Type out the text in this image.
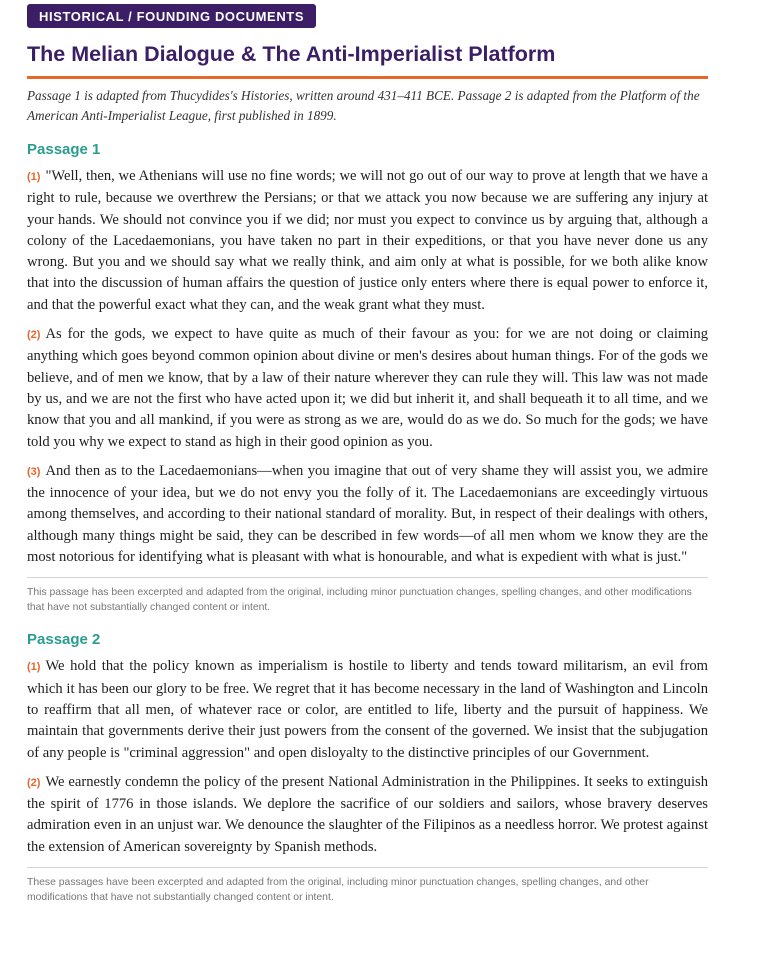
HISTORICAL / FOUNDING DOCUMENTS
The Melian Dialogue & The Anti-Imperialist Platform

Passage 1 is adapted from Thucydides's Histories, written around 431–411 BCE. Passage 2 is adapted from the Platform of the American Anti-Imperialist League, first published in 1899.

Passage 1

(1) "Well, then, we Athenians will use no fine words; we will not go out of our way to prove at length that we have a right to rule, because we overthrew the Persians; or that we attack you now because we are suffering any injury at your hands. We should not convince you if we did; nor must you expect to convince us by arguing that, although a colony of the Lacedaemonians, you have taken no part in their expeditions, or that you have never done us any wrong. But you and we should say what we really think, and aim only at what is possible, for we both alike know that into the discussion of human affairs the question of justice only enters where there is equal power to enforce it, and that the powerful exact what they can, and the weak grant what they must.

(2) As for the gods, we expect to have quite as much of their favour as you: for we are not doing or claiming anything which goes beyond common opinion about divine or men's desires about human things. For of the gods we believe, and of men we know, that by a law of their nature wherever they can rule they will. This law was not made by us, and we are not the first who have acted upon it; we did but inherit it, and shall bequeath it to all time, and we know that you and all mankind, if you were as strong as we are, would do as we do. So much for the gods; we have told you why we expect to stand as high in their good opinion as you.

(3) And then as to the Lacedaemonians—when you imagine that out of very shame they will assist you, we admire the innocence of your idea, but we do not envy you the folly of it. The Lacedaemonians are exceedingly virtuous among themselves, and according to their national standard of morality. But, in respect of their dealings with others, although many things might be said, they can be described in few words—of all men whom we know they are the most notorious for identifying what is pleasant with what is honourable, and what is expedient with what is just."

This passage has been excerpted and adapted from the original, including minor punctuation changes, spelling changes, and other modifications that have not substantially changed content or intent.

Passage 2

(1) We hold that the policy known as imperialism is hostile to liberty and tends toward militarism, an evil from which it has been our glory to be free. We regret that it has become necessary in the land of Washington and Lincoln to reaffirm that all men, of whatever race or color, are entitled to life, liberty and the pursuit of happiness. We maintain that governments derive their just powers from the consent of the governed. We insist that the subjugation of any people is "criminal aggression" and open disloyalty to the distinctive principles of our Government.

(2) We earnestly condemn the policy of the present National Administration in the Philippines. It seeks to extinguish the spirit of 1776 in those islands. We deplore the sacrifice of our soldiers and sailors, whose bravery deserves admiration even in an unjust war. We denounce the slaughter of the Filipinos as a needless horror. We protest against the extension of American sovereignty by Spanish methods.

These passages have been excerpted and adapted from the original, including minor punctuation changes, spelling changes, and other modifications that have not substantially changed content or intent.
